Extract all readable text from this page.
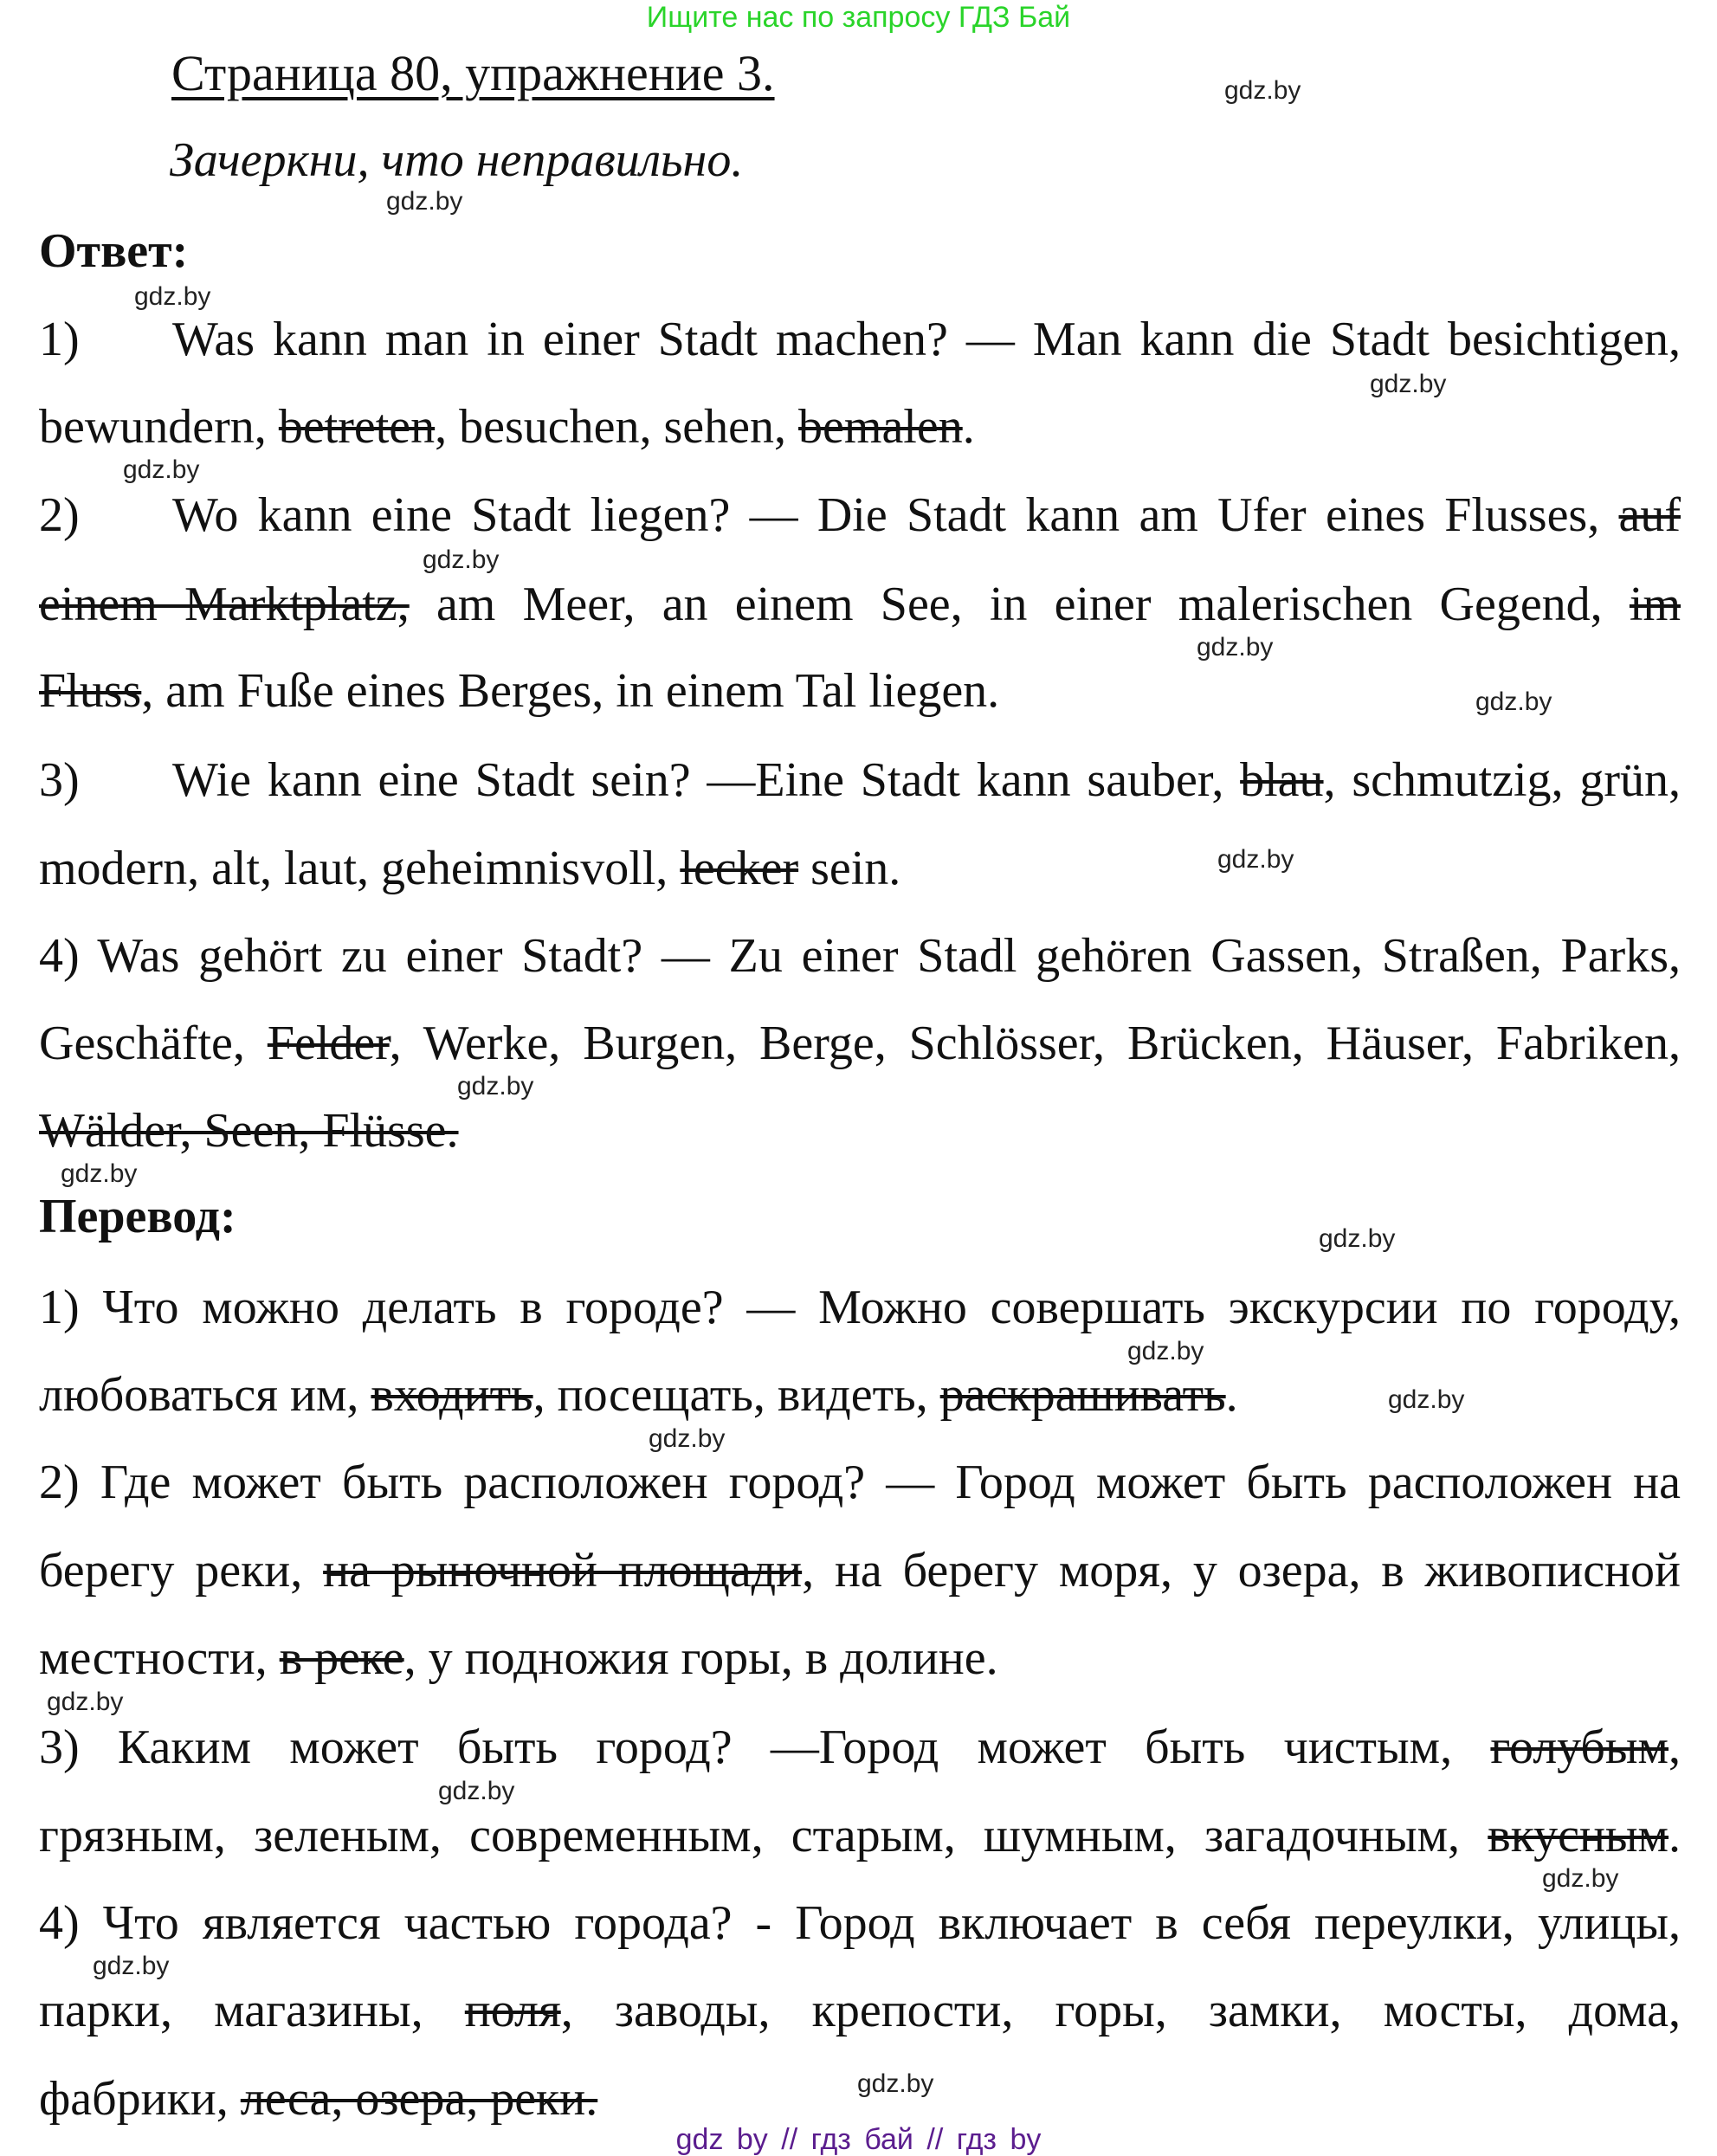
Ищите нас по запросу ГДЗ Бай
Страница 80, упражнение 3.
Зачеркни, что неправильно.
Ответ:
Перевод:
1) Was kann man in einer Stadt machen? — Man kann die Stadt besichtigen,
bewundern, betreten, besuchen, sehen, bemalen.
2) Wo kann eine Stadt liegen? — Die Stadt kann am Ufer eines Flusses, auf
einem Marktplatz, am Meer, an einem See, in einer malerischen Gegend, im
Fluss, am Fuße eines Berges, in einem Tal liegen.
3) Wie kann eine Stadt sein? —Eine Stadt kann sauber, blau, schmutzig, grün,
modern, alt, laut, geheimnisvoll, lecker sein.
4) Was gehört zu einer Stadt? — Zu einer Stadl gehören Gassen, Straßen, Parks,
Geschäfte, Felder, Werke, Burgen, Berge, Schlösser, Brücken, Häuser, Fabriken,
Wälder, Seen, Flüsse.
1) Что можно делать в городе? — Можно совершать экскурсии по городу,
любоваться им, входить, посещать, видеть, раскрашивать.
2) Где может быть расположен город? — Город может быть расположен на
берегу реки, на рыночной площади, на берегу моря, у озера, в живописной
местности, в реке, у подножия горы, в долине.
3) Каким может быть город? —Город может быть чистым, голубым,
грязным, зеленым, современным, старым, шумным, загадочным, вкусным.
4) Что является частью города? - Город включает в себя переулки, улицы,
парки, магазины, поля, заводы, крепости, горы, замки, мосты, дома,
фабрики, леса, озера, реки.
gdz.by
gdz.by
gdz.by
gdz.by
gdz.by
gdz.by
gdz.by
gdz.by
gdz.by
gdz.by
gdz.by
gdz.by
gdz.by
gdz.by
gdz.by
gdz.by
gdz.by
gdz.by
gdz.by
gdz.by
gdz by // гдз бай // гдз by
